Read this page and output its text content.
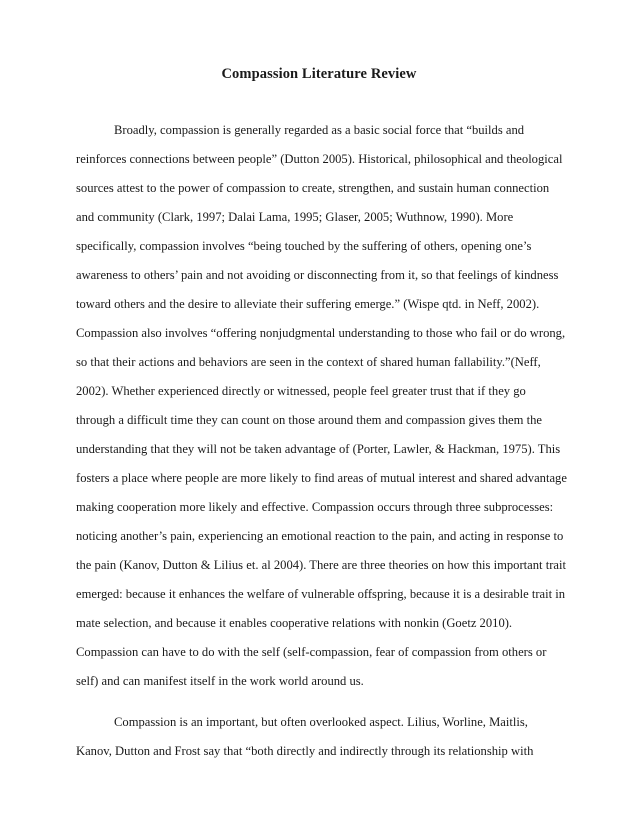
Compassion Literature Review
Broadly, compassion is generally regarded as a basic social force that “builds and
reinforces connections between people” (Dutton 2005). Historical, philosophical and theological
sources attest to the power of compassion to create, strengthen, and sustain human connection
and community (Clark, 1997; Dalai Lama, 1995; Glaser, 2005; Wuthnow, 1990). More
specifically, compassion involves “being touched by the suffering of others, opening one’s
awareness to others’ pain and not avoiding or disconnecting from it, so that feelings of kindness
toward others and the desire to alleviate their suffering emerge.” (Wispe qtd. in Neff, 2002).
Compassion also involves “offering nonjudgmental understanding to those who fail or do wrong,
so that their actions and behaviors are seen in the context of shared human fallability.”(Neff,
2002). Whether experienced directly or witnessed, people feel greater trust that if they go
through a difficult time they can count on those around them and compassion gives them the
understanding that they will not be taken advantage of (Porter, Lawler, & Hackman, 1975). This
fosters a place where people are more likely to find areas of mutual interest and shared advantage
making cooperation more likely and effective. Compassion occurs through three subprocesses:
noticing another’s pain, experiencing an emotional reaction to the pain, and acting in response to
the pain (Kanov, Dutton & Lilius et. al 2004). There are three theories on how this important trait
emerged: because it enhances the welfare of vulnerable offspring, because it is a desirable trait in
mate selection, and because it enables cooperative relations with nonkin (Goetz 2010).
Compassion can have to do with the self (self-compassion, fear of compassion from others or
self) and can manifest itself in the work world around us.
Compassion is an important, but often overlooked aspect. Lilius, Worline, Maitlis,
Kanov, Dutton and Frost say that “both directly and indirectly through its relationship with
